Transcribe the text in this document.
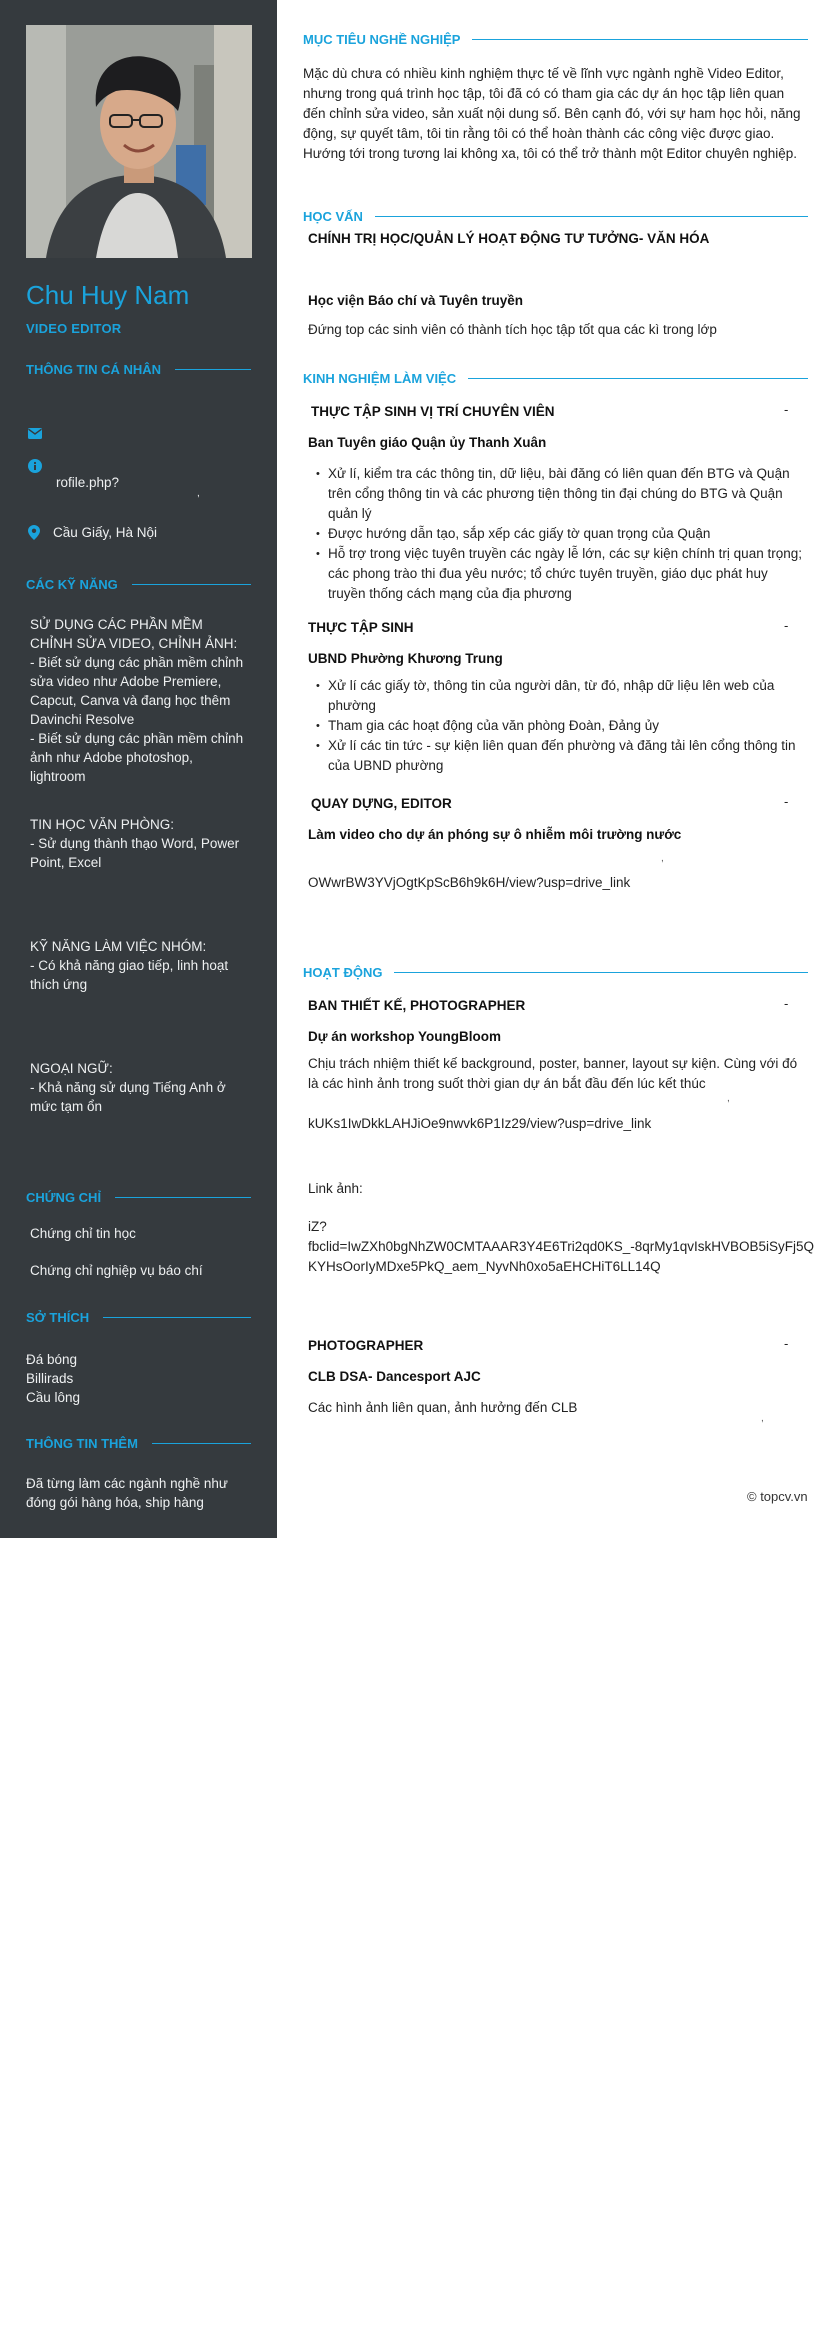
Chu Huy Nam
VIDEO EDITOR
THÔNG TIN CÁ NHÂN
rofile.php?
,
Cầu Giấy, Hà Nội
CÁC KỸ NĂNG
SỬ DỤNG CÁC PHẦN MỀM CHỈNH SỬA VIDEO, CHỈNH ẢNH:
- Biết sử dụng các phần mềm chỉnh sửa video như Adobe Premiere, Capcut, Canva và đang học thêm Davinchi Resolve
- Biết sử dụng các phần mềm chỉnh ảnh như Adobe photoshop, lightroom
TIN HỌC VĂN PHÒNG:
- Sử dụng thành thạo Word, Power Point, Excel
KỸ NĂNG LÀM VIỆC NHÓM:
- Có khả năng giao tiếp, linh hoạt thích ứng
NGOẠI NGỮ:
- Khả năng sử dụng Tiếng Anh ở mức tạm ổn
CHỨNG CHỈ
Chứng chỉ tin học
Chứng chỉ nghiệp vụ báo chí
SỞ THÍCH
Đá bóng
Billirads
Cầu lông
THÔNG TIN THÊM
Đã từng làm các ngành nghề như đóng gói hàng hóa, ship hàng
MỤC TIÊU NGHỀ NGHIỆP
Mặc dù chưa có nhiều kinh nghiệm thực tế về lĩnh vực ngành nghề Video Editor, nhưng trong quá trình học tập, tôi đã có có tham gia các dự án học tập liên quan đến chỉnh sửa video, sản xuất nội dung số. Bên cạnh đó, với sự ham học hỏi, năng động, sự quyết tâm, tôi tin rằng tôi có thể hoàn thành các công việc được giao. Hướng tới trong tương lai không xa, tôi có thể trở thành một Editor chuyên nghiệp.
HỌC VẤN
CHÍNH TRỊ HỌC/QUẢN LÝ HOẠT ĐỘNG TƯ TƯỞNG- VĂN HÓA
Học viện Báo chí và Tuyên truyền
Đứng top các sinh viên có thành tích học tập tốt qua các kì trong lớp
KINH NGHIỆM LÀM VIỆC
THỰC TẬP SINH VỊ TRÍ CHUYÊN VIÊN	-
Ban Tuyên giáo Quận ủy Thanh Xuân
• Xử lí, kiểm tra các thông tin, dữ liệu, bài đăng có liên quan đến BTG và Quận trên cổng thông tin và các phương tiện thông tin đại chúng do BTG và Quận quản lý
• Được hướng dẫn tạo, sắp xếp các giấy tờ quan trọng của Quận
• Hỗ trợ trong việc tuyên truyền các ngày lễ lớn, các sự kiện chính trị quan trọng; các phong trào thi đua yêu nước; tổ chức tuyên truyền, giáo dục phát huy truyền thống cách mạng của địa phương
THỰC TẬP SINH	-
UBND Phường Khương Trung
• Xử lí các giấy tờ, thông tin của người dân, từ đó, nhập dữ liệu lên web của phường
• Tham gia các hoạt động của văn phòng Đoàn, Đảng ủy
• Xử lí các tin tức - sự kiện liên quan đến phường và đăng tải lên cổng thông tin của UBND phường
QUAY DỰNG, EDITOR	-
Làm video cho dự án phóng sự ô nhiễm môi trường nước
,
OWwrBW3YVjOgtKpScB6h9k6H/view?usp=drive_link
HOẠT ĐỘNG
BAN THIẾT KẾ, PHOTOGRAPHER	-
Dự án workshop YoungBloom
Chịu trách nhiệm thiết kế background, poster, banner, layout sự kiện. Cùng với đó là các hình ảnh trong suốt thời gian dự án bắt đầu đến lúc kết thúc
,
kUKs1IwDkkLAHJiOe9nwvk6P1Iz29/view?usp=drive_link
Link ảnh:
iZ?
fbclid=IwZXh0bgNhZW0CMTAAAR3Y4E6Tri2qd0KS_-8qrMy1qvIskHVBOB5iSyFj5Q
KYHsOorIyMDxe5PkQ_aem_NyvNh0xo5aEHCHiT6LL14Q
PHOTOGRAPHER	-
CLB DSA- Dancesport AJC
Các hình ảnh liên quan, ảnh hưởng đến CLB
,
© topcv.vn
